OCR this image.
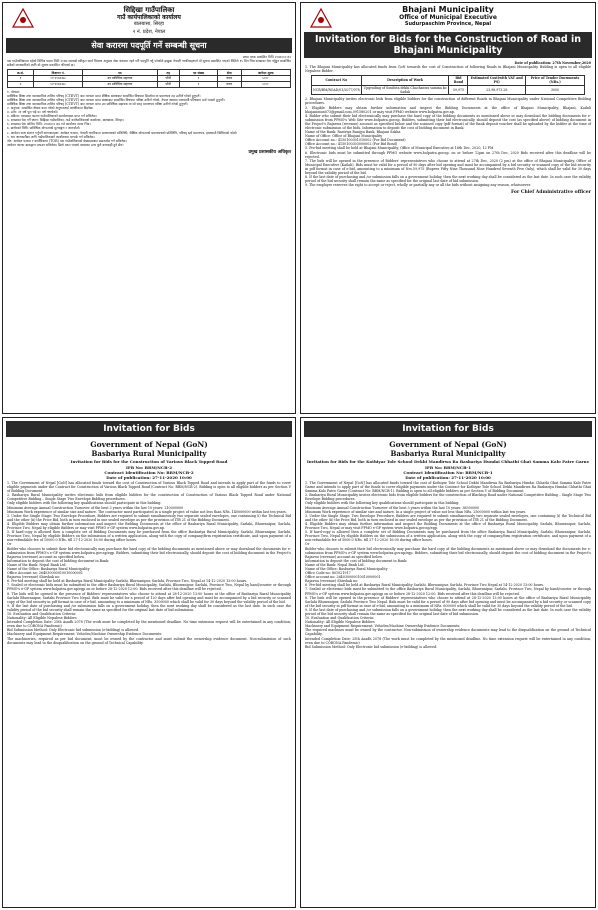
सिद्दिखा गाउँपालिका
गाउँ कार्यपालिकाको कार्यालय
बालबासा, सिरहा
२ नं. प्रदेश, नेपाल
सेवा करारमा पदपूर्ति गर्ने सम्बन्धी सूचना
प्रथम पटक प्रकाशित मिति २०७७।०८।१२
यस गाउँपालिकामा रहेको विभिन्न पदमा मिति २०७७ सालको स्वीकृत कार्य विवरण अनुसार सेवा करारमा रहने गरी पदपूर्ति गर्नु परेकोले इच्छुक नेपाली नागरिकहरूले यो सूचना प्रकाशित भएको मितिले १५ दिन भित्र दरखास्त पेश गर्नुहुन सम्बन्धित सबैको जानकारीको लागि यो सूचना प्रकाशित गरिएको छ।
क्र.सं.	विज्ञापन नं.	पद	तह	पद संख्या	सेवा	आवेदन शुल्क
१	०१-२०७७।७८	उप प्राविधिक सहायक	पाँचौ	१	करार	५००।-
२	०२-२०७७।७८	उप प्राविधिक सहायक	पाँचौ	१	करार	५००।-

१. योग्यता:

प्राविधिक शिक्षा तथा व्यावसायिक तालिम परिषद् (CTEVT) बाट मान्यता प्राप्त शैक्षिक संस्थाबाट सम्बन्धित विषयमा डिप्लोमा वा प्रमाणपत्र तह उत्तीर्ण गरेको हुनुपर्ने।

प्राविधिक शिक्षा तथा व्यावसायिक तालिम परिषद् (CTEVT) बाट मान्यता प्राप्त संस्थाबाट सम्बन्धित विषयमा परीक्षा उत्तीर्ण गरेको, नेपाल स्वास्थ्य व्यवसायी परिषदमा दर्ता भएको हुनुपर्ने।

प्राविधिक शिक्षा तथा व्यावसायिक तालिम परिषद् (CTEVT) बाट मान्यता प्राप्त उप प्राविधिक सहायक वा सो सरह प्रमाणपत्र परीक्षा उत्तीर्ण गरेको हुनुपर्ने।

२. अनुभव: सम्बन्धित क्षेत्रमा काम गरेको अनुभवलाई प्राथमिकता दिइनेछ।

३. उमेर: २१ वर्ष पूरा भई ४० वर्ष ननाघेको।

४. प्रक्रिया: दरखास्त फाराम गाउँपालिकाको कार्यालयबाट प्राप्त गर्न सकिनेछ।

५. दरखास्त पेश गर्ने स्थान: सिद्दिखा गाउँपालिका, गाउँ कार्यपालिकाको कार्यालय, बालबासा, सिरहा।

६. दरखास्त पेश अन्तिम मिति: २०७७।०८।२७ गते कार्यालय समय भित्र।

७. छनौटको विधि: प्राविधिक योग्यताको मूल्याङ्कन र अन्तर्वार्ता।

८. आवेदन साथ संलग्न गर्नुपर्ने कागजातहरू: आवेदन फाराम, नेपाली नागरिकता प्रमाणपत्रको प्रतिलिपि, शैक्षिक योग्यताको प्रमाणपत्रको प्रतिलिपि, परिषद् दर्ता प्रमाणपत्र, हालसालै खिचिएको फोटो।

९. थप जानकारीका लागि गाउँपालिकाको कार्यालयमा सम्पर्क गर्न सकिनेछ।

नोट: आवेदन फाराम र कार्यविवरण (TOR) यस गाउँपालिकाको वेबसाइटबाट डाउनलोड गर्न सकिनेछ।

आवेदन फाराम डाकद्वारा पठाउन सकिनेछ। ढिलो प्राप्त भएको दरखास्त उपर कुनै कारबाही हुने छैन।

प्रमुख प्रशासकीय अधिकृत
Bhajani Municipality
Office of Municipal Executive
Sudurpaschim Province, Nepal
Invitation for Bids for the Construction of Road in Bhajani Municipality
Date of publication: 27th November,2020
1. The Bhajani Municipality has allocated funds from GoN towards the cost of Construction of following Roads in Bhajani Municipality. Bidding is open to all eligible Nepalese Bidder.
Contract No	Description of Work	Bid Bond	Estimated Cost(with VAT and PS)	Price of Tender Documents (NRs.)
NCB/BM/ROAD/01/2077/078	Upgrading of Sonifota dekhi Chachanwa samma ko Sadak	59,975	23,98,973.28	3000

2. Bhajani Municipality invites electronic bids from eligible bidders for the construction of different Roads in Bhajani Municipality under National Competitive Bidding procedures.

3. Eligible Bidders may obtain further information and inspect the Bidding Documents at the office of Bhajani Municipality, Bhajani, Kailali bhajanimun073@gmail.com,091580201 or may visit PPMO website www.bolpatra.gov.np.

4. Bidder who submit their bid electronically may purchase the hard copy of the bidding documents as mentioned above or may download the bidding documents for e-submission from PPMO's Web Site www.bolpatra.gov.np. Bidders, submitting their bid electronically, should deposit the cost (as specified above) of bidding document in the Project's Rajaswa (revenue) account as specified below and the scanned copy (pdf format) of the Bank deposit voucher shall be uploaded by the bidder at the time of electronic submission of the bids. Information to deposit the cost of bidding document in Bank:

Name of the Bank: Rastriya Banijya Bank, Bhajani Sakha

Name of Office: Office of Bhajani Municipality

Office Account no.: 4150100301010002 (For Bid Document)

Office Account no.: 4150100303000002 (For Bid Bond)

5. Pre-bid meeting shall be held at Bhajani Municipality, Office of Municipal Executive at 16th Dec, 2020, 12 PM

6. Electronic bids must be submitted through PPMO website www.bolpatra.gov.np. on or before 12pm on 27th Dec, 2020 Bids received after this deadline will be rejected.

7. The bids will be opened in the presence of Bidders' representatives who choose to attend at 27th Dec, 2020 (2 pm) at the office of Bhajani Municipality, Office of Municipal Executive (Kailali). Bids must be valid for a period of 90 days after bid opening and must be accompanied by a bid security or scanned copy of the bid security in pdf format in case of e-bid, amounting to a minimum of Nrs.59,975 (Rupees Fifty Nine Thousand Nine Hundred Seventh Five Only), which shall be valid for 30 days beyond the validity period of the bid.

8. If the last date of purchasing and /or submission falls on a government holiday, then the next working day shall be considered as the last date. In such case the validity period of the bid security shall remain the same as specified for the original last date of bid submission.

9. The employer reserves the right to accept or reject, wholly or partially any or all the bids without assigning any reason, whatsoever.

For Chief Administrative officer
Invitation for Bids
Government of Nepal (GoN)
Basbariya Rural Municipality
Invitation for Bids for the Construction of Various Black Topped Road
IFB No: BRM/NCB-2
Contract Identification No: BRM/NCB-2
Date of publication: 27-11-2020 10:00

1. The Government of Nepal [GoN] has allocated funds toward the cost of Construction of Various Black Topped Road and intends to apply part of the funds to cover eligible payments under the Contract for Construction of Various Black Topped Road (Contract No: BRM/NCB-2). Bidding is open to all eligible bidders as per Section V of Bidding Document

2. Basbariya Rural Municipality invites electronic bids from eligible bidders for the construction of Construction of Various Black Topped Road under National Competitive Bidding – Single Stage Two Envelope Bidding procedures.

Only eligible bidders with the following key qualifications should participate in this bidding:

Minimum Average Annual Construction Turnover of the best 3 years within the last 10 years: 210000000

Minimum Work experience of similar size and nature. The contractor must participated in a single project of value not less than NRs. 140000000 within last ten years.

3. Under the Single Stage: Two Envelope Procedure, Bidders are required to submit simultaneously two separate sealed envelopes, one containing (i) the Technical Bid and the other (ii) the Price Bid, both in turn enclosed in one sealed envelope as per the provision of ITB 21 of the Bidding Document.

4. Eligible Bidders may obtain further information and inspect the Bidding Documents at the office of Basbariya Rural Municipality, Sarlahi, Bhuwanipur, Sarlahi, Province Two, Nepal by eligible Bidders or may visit PPMO e-GP system www.bolpatra.gov.np.

5. If hard-copy is allowed then a complete set of Bidding Documents may be purchased from the office Basbariya Rural Municipality, Sarlahi, Bhuwanipur, Sarlahi, Province Two, Nepal by eligible Bidders on the submission of a written application, along with the copy of company/firm registration certificate, and upon payment of a non-refundable fee of 10000.0 NRs. till 27-12-2020 16:00 during office hours.

Or

Bidder who chooses to submit their bid electronically may purchase the hard copy of the bidding documents as mentioned above or may download the documents for e-submission from PPMO's e-GP system www.bolpatra.gov.np/egp. Bidders, submitting their bid electronically, should deposit the cost of bidding document in the Project's Rajaswa (revenue) account as specified below.

Information to deposit the cost of bidding document in Bank:

Name of the Bank: Nepal Bank Ltd.

Name of the Office: Basbariya Rural Municipality

Office Account no: 264030000010010000001

Rajaswa (revenue) Shirshak no:

6. Pre-bid meeting shall be held at Basbariya Rural Municipality Sarlahi, Bhuwanipur, Sarlahi, Province Two, Nepal at 14-12-2020 13:00 hours.

7. Sealed or electronic bids must be submitted to the office Basbariya Rural Municipality, Sarlahi, Bhuwanipur, Sarlahi, Province Two, Nepal by hand/courier or through PPMO's e-GP system www.bolpatra.gov.np/egp on or before 28-12-2020 12:00. Bids received after this deadline will be rejected.

8. The bids will be opened in the presence of Bidders' representatives who choose to attend at 28-12-2020 13:00 hours at the office of Basbariya Rural Municipality Sarlahi Bhuwanipur, Sarlahi Province Two Nepal. Bids must be valid for a period of 120 days after bid opening and must be accompanied by a bid security or scanned copy of the bid security in pdf format in case of e-bid, amounting to a minimum of NRs. 3500000 which shall be valid for 30 days beyond the validity period of the bid.

9. If the last date of purchasing and /or submission falls on a government holiday, then the next working day shall be considered as the last date. In such case the validity period of the bid security shall remain the same as specified for the original last date of bid submission.

10. Evaluation and Qualification Criteria:

Nationality: All Eligible Nepalese Bidders

Intended Completion Date: 25th Asadh 2078 (The work must be completed by the mentioned deadline. No time extension request will be entertained in any condition, even due to CORONA Pandemic)

Bid Submission Method: Only Electronic bid submission (e-bidding) is allowed.

Machinery and Equipment Requirement: Vehicles/Machine Ownership Evidence Documents:

The machineries, required as per bid document, must be owned by the contractor and must submit the ownership evidence document. Non-submission of such documents may lead to the disqualification on the ground of Technical Capability.

Invitation for Bids
Government of Nepal (GoN)
Basbariya Rural Municipality
Invitation for Bids for the Kothiyar Tole School Dekhi Mandirwa Ra Basbariya Hundai Chhathi Ghat Samma Kalo Patre Garne
IFB No: BRM/NCB-1
Contract Identification No: BRM/NCB-1
Date of publication: 27-11-2020 10:00

1. The Government of Nepal [GoN] has allocated funds toward the cost of Kothiyar Tole School Dekhi Mandirwa Ra Basbariya Hundai Chhathi Ghat Samma Kalo Patre Garne and intends to apply part of the funds to cover eligible payments under the Contract for Kothiyar Tole School Dekhi Mandirwa Ra Basbariya Hundai Chhathi Ghat Samma Kalo Patre Garne (Contract No: BRM/NCB-1). Bidding is open to all eligible bidders as per Section V of Bidding Document

2. Basbariya Rural Municipality invites electronic bids from eligible bidders for the construction of Blacktop Road under National Competitive Bidding – Single Stage Two Envelope Bidding procedures.

Only eligible bidders with the following key qualifications should participate in this bidding:

Minimum Average Annual Construction Turnover of the best 3 years within the last 10 years: 38500000

Minimum Work experience of similar size and nature. In a single project of value not less than NRs. 25000000 within last ten years.

3. Under the Single Stage: Two Envelope Procedure, Bidders are required to submit simultaneously two separate sealed envelopes, one containing (i) the Technical Bid and the other (ii) the Price Bid, both in turn enclosed in one sealed envelope as per the provision of ITB 21 of the Bidding Document.

4. Eligible Bidders may obtain further information and inspect the Bidding Documents at the office of Basbariya Rural Municipality, Sarlahi, Bhuwanipur, Sarlahi, Province Two, Nepal or may visit PPMO e-GP system www.bolpatra.gov.np/egp.

5. If hard-copy is allowed then a complete set of Bidding Documents may be purchased from the office Basbariya Rural Municipality, Sarlahi, Bhuwanipur, Sarlahi, Province Two, Nepal by eligible Bidders on the submission of a written application, along with the copy of company/firm registration certificate, and upon payment of a non-refundable fee of 5000.0 NRs. till 27-12-2020 16:00 during office hours.

Or

Bidder who chooses to submit their bid electronically may purchase the hard copy of the bidding documents as mentioned above or may download the documents for e-submission from PPMO's e-GP system www.bolpatra.gov.np/egp. Bidders, submitting their bid electronically, should deposit the cost of bidding document in the Project's Rajaswa (revenue) account as specified below.

Information to deposit the cost of bidding document in Bank:

Name of the Bank: Nepal Bank Ltd.

Name of the Office: Basbariya Rural Municipality

Office Code no: 801021917

Office account no: 264030000010010000001

Rajaswa (revenue) Shirshak no:

6. Pre-bid meeting shall be held at Basbariya Rural Municipality Sarlahi, Bhuwanipur, Sarlahi, Province Two Nepal at 14-12-2020 13:00 hours.

7. Sealed or electronic bids must be submitted to the office Basbariya Rural Municipality, Sarlahi, Bhuwanipur, Sarlahi, Province Two, Nepal by hand/courier or through PPMO's e-GP system www.bolpatra.gov.np/egp on or before 28-12-2020 12:00. Bids received after this deadline will be rejected.

8. The bids will be opened in the presence of Bidders' representatives who choose to attend at 28-12-2020 13:00 hours at the office of Basbariya Rural Municipality Sarlahi Bhuwanipur, Sarlahi Province Two Nepal. Bids must be valid for a period of 90 days after bid opening and must be accompanied by a bid security or scanned copy of the bid security in pdf format in case of e-bid, amounting to a minimum of NRs. 600000 which shall be valid for 30 days beyond the validity period of the bid.

9. If the last date of purchasing and /or submission falls on a government holiday, then the next working day shall be considered as the last date. In such case the validity period of the bid security shall remain the same as specified for the original last date of bid submission.

10. Evaluation and Qualification Criteria:

Nationality: All Eligible Nepalese Bidders

Machinery and Equipment Requirement: Vehicles/Machine Ownership Evidence Documents:

The required machines must be owned by the contractor. Non-submission of ownership evidence documents may lead to the disqualification on the ground of Technical Capability.

Intended Completion Date: 25th Asadh 2078 (The work must be completed by the mentioned deadline. No time extension request will be entertained in any condition, even due to CORONA Pandemic)

Bid Submission Method: Only Electronic bid submission (e-bidding) is allowed.
